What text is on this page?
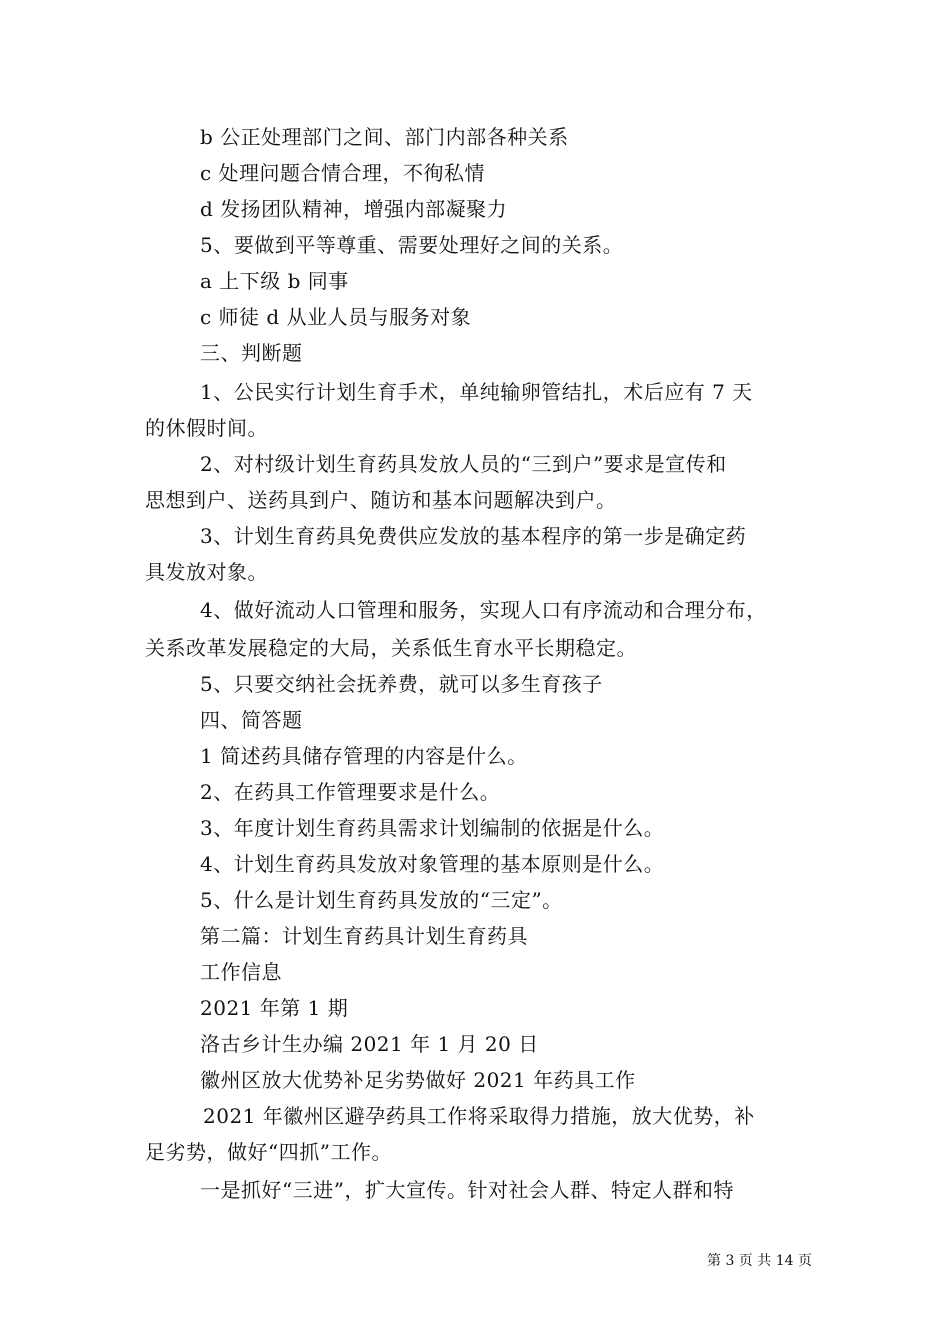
b 公正处理部门之间、部门内部各种关系
c 处理问题合情合理，不徇私情
d 发扬团队精神，增强内部凝聚力
5、要做到平等尊重、需要处理好之间的关系。
a 上下级 b 同事
c 师徒 d 从业人员与服务对象
三、判断题
1、公民实行计划生育手术，单纯输卵管结扎，术后应有 7 天
的休假时间。
2、对村级计划生育药具发放人员的“三到户”要求是宣传和
思想到户、送药具到户、随访和基本问题解决到户。
3、计划生育药具免费供应发放的基本程序的第一步是确定药
具发放对象。
4、做好流动人口管理和服务，实现人口有序流动和合理分布，
关系改革发展稳定的大局，关系低生育水平长期稳定。
5、只要交纳社会抚养费，就可以多生育孩子
四、简答题
1 简述药具储存管理的内容是什么。
2、在药具工作管理要求是什么。
3、年度计划生育药具需求计划编制的依据是什么。
4、计划生育药具发放对象管理的基本原则是什么。
5、什么是计划生育药具发放的“三定”。
第二篇：计划生育药具计划生育药具
工作信息
2021 年第 1 期
洛古乡计生办编 2021 年 1 月 20 日
徽州区放大优势补足劣势做好 2021 年药具工作
2021 年徽州区避孕药具工作将采取得力措施，放大优势，补
足劣势，做好“四抓”工作。
一是抓好“三进”，扩大宣传。针对社会人群、特定人群和特
第 3 页 共 14 页
